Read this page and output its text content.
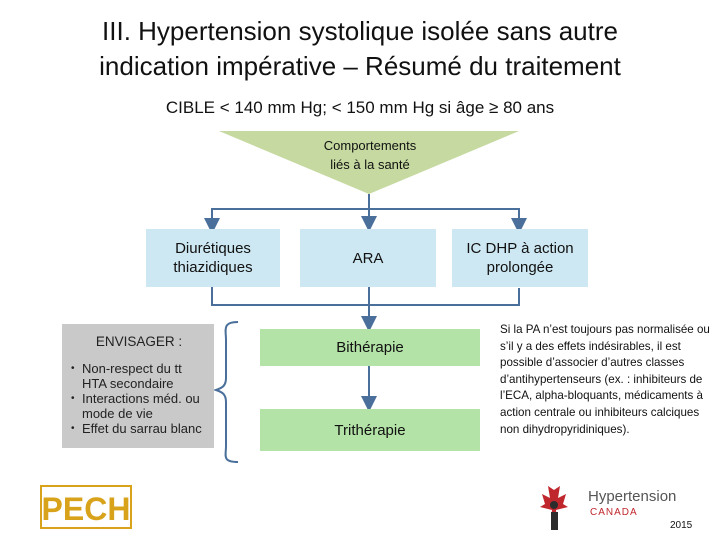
III. Hypertension systolique isolée sans autre
indication impérative – Résumé du traitement
CIBLE < 140 mm Hg; < 150 mm Hg si âge ≥ 80 ans
Comportements
liés à la santé
Diurétiques
thiazidiques
ARA
IC DHP à action
prolongée
Bithérapie
Trithérapie
ENVISAGER :
• Non-respect du tt HTA secondaire
• Interactions méd. ou mode de vie
• Effet du sarrau blanc
Si la PA n’est toujours pas normalisée ou s’il y a des effets indésirables, il est possible d’associer d’autres classes d’antihypertenseurs (ex. : inhibiteurs de l’ECA, alpha-bloquants, médicaments à action centrale ou inhibiteurs calciques non dihydropyridiniques).
PECH	Hypertension
CANADA
2015
